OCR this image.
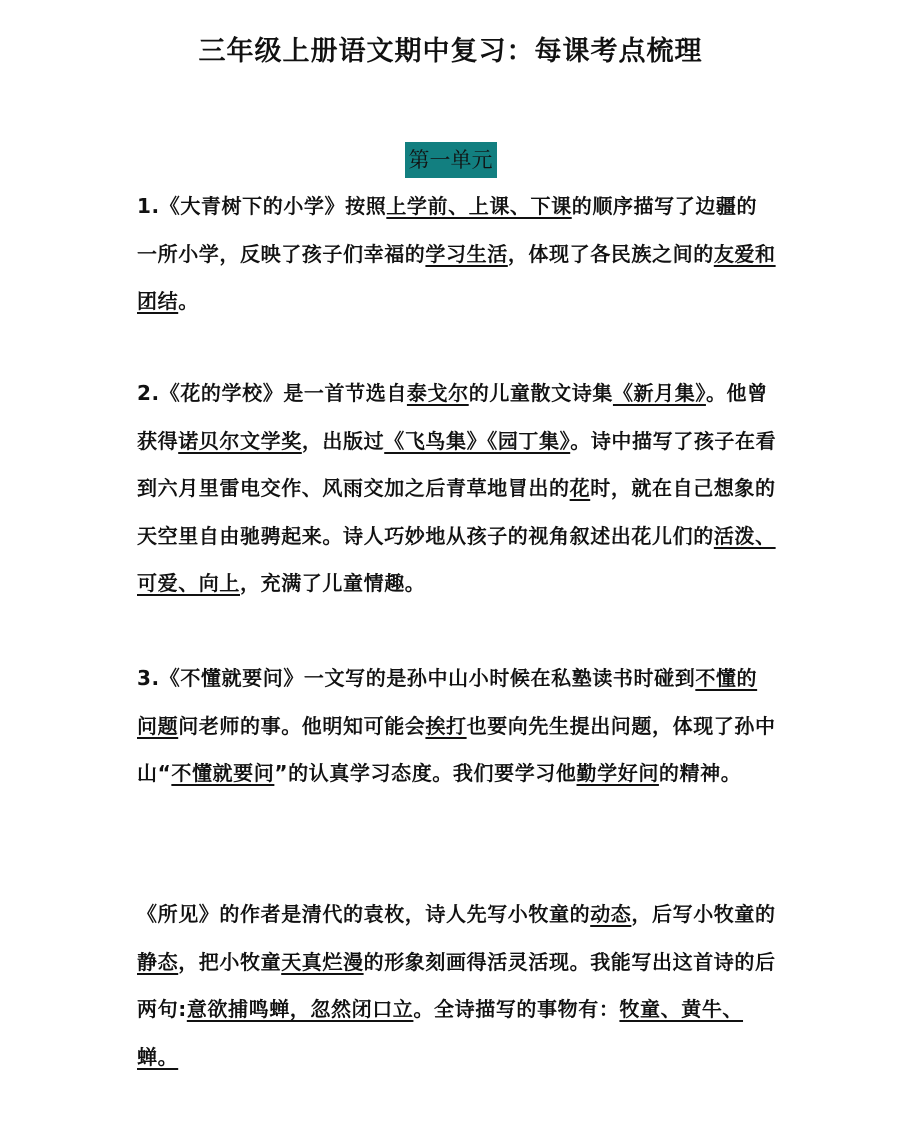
三年级上册语文期中复习：每课考点梳理
第一单元

1.《大青树下的小学》按照上学前、上课、下课的顺序描写了边疆的一所小学，反映了孩子们幸福的学习生活，体现了各民族之间的友爱和团结。

2.《花的学校》是一首节选自泰戈尔的儿童散文诗集《新月集》。他曾获得诺贝尔文学奖，出版过《飞鸟集》《园丁集》。诗中描写了孩子在看到六月里雷电交作、风雨交加之后青草地冒出的花时，就在自己想象的天空里自由驰骋起来。诗人巧妙地从孩子的视角叙述出花儿们的活泼、可爱、向上，充满了儿童情趣。

3.《不懂就要问》一文写的是孙中山小时候在私塾读书时碰到不懂的问题问老师的事。他明知可能会挨打也要向先生提出问题，体现了孙中山“不懂就要问”的认真学习态度。我们要学习他勤学好问的精神。

《所见》的作者是清代的袁枚，诗人先写小牧童的动态，后写小牧童的静态，把小牧童天真烂漫的形象刻画得活灵活现。我能写出这首诗的后两句:意欲捕鸣蝉，忽然闭口立。全诗描写的事物有：牧童、黄牛、蝉。
